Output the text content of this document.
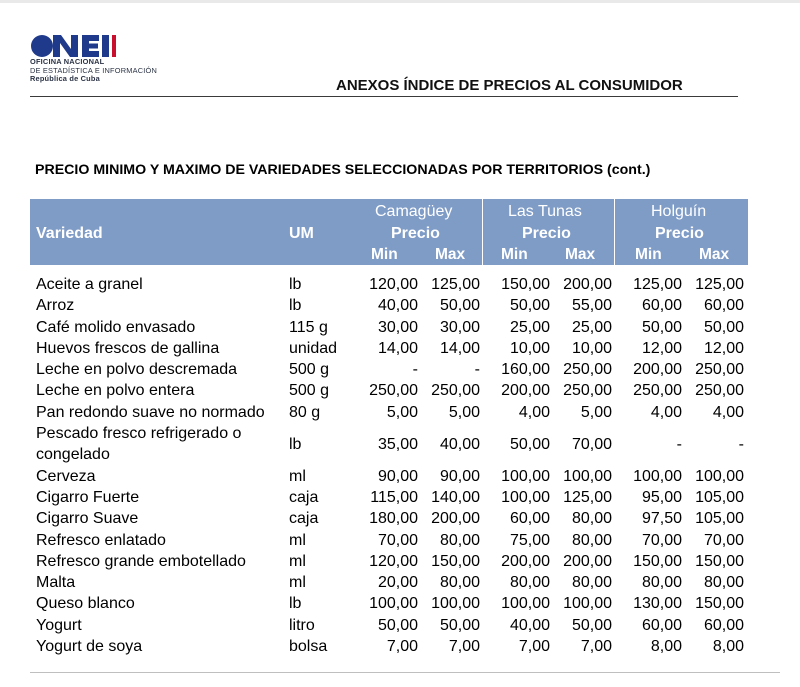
OFICINA NACIONAL
DE ESTADÍSTICA E INFORMACIÓN
República de Cuba	ANEXOS ÍNDICE DE PRECIOS AL CONSUMIDOR
PRECIO MINIMO Y MAXIMO DE VARIEDADES SELECCIONADAS POR TERRITORIOS (cont.)
Variedad	UM
Camagüey
Precio
Min Max
Las Tunas
Precio
Min Max
Holguín
Precio
Min Max
Aceite a granel	lb	120,00 125,00 150,00 200,00 125,00 125,00
Arroz	lb	40,00 50,00 50,00 55,00 60,00 60,00
Café molido envasado	115 g	30,00 30,00 25,00 25,00 50,00 50,00
Huevos frescos de gallina	unidad	14,00 14,00 10,00 10,00 12,00 12,00
Leche en polvo descremada	500 g	-	- 160,00 250,00 200,00 250,00
Leche en polvo entera	500 g	250,00 250,00 200,00 250,00 250,00 250,00
Pan redondo suave no normado	80 g	5,00 5,00 4,00 5,00 4,00 4,00
Pescado fresco refrigerado o congelado
lb	35,00 40,00 50,00 70,00	-	-
Cerveza	ml	90,00 90,00 100,00 100,00 100,00 100,00
Cigarro Fuerte	caja	115,00 140,00 100,00 125,00 95,00 105,00
Cigarro Suave	caja	180,00 200,00 60,00 80,00 97,50 105,00
Refresco enlatado	ml	70,00 80,00 75,00 80,00 70,00 70,00
Refresco grande embotellado	ml	120,00 150,00 200,00 200,00 150,00 150,00
Malta	ml	20,00 80,00 80,00 80,00 80,00 80,00
Queso blanco	lb	100,00 100,00 100,00 100,00 130,00 150,00
Yogurt	litro	50,00 50,00 40,00 50,00 60,00 60,00
Yogurt de soya	bolsa	7,00 7,00 7,00 7,00 8,00 8,00
